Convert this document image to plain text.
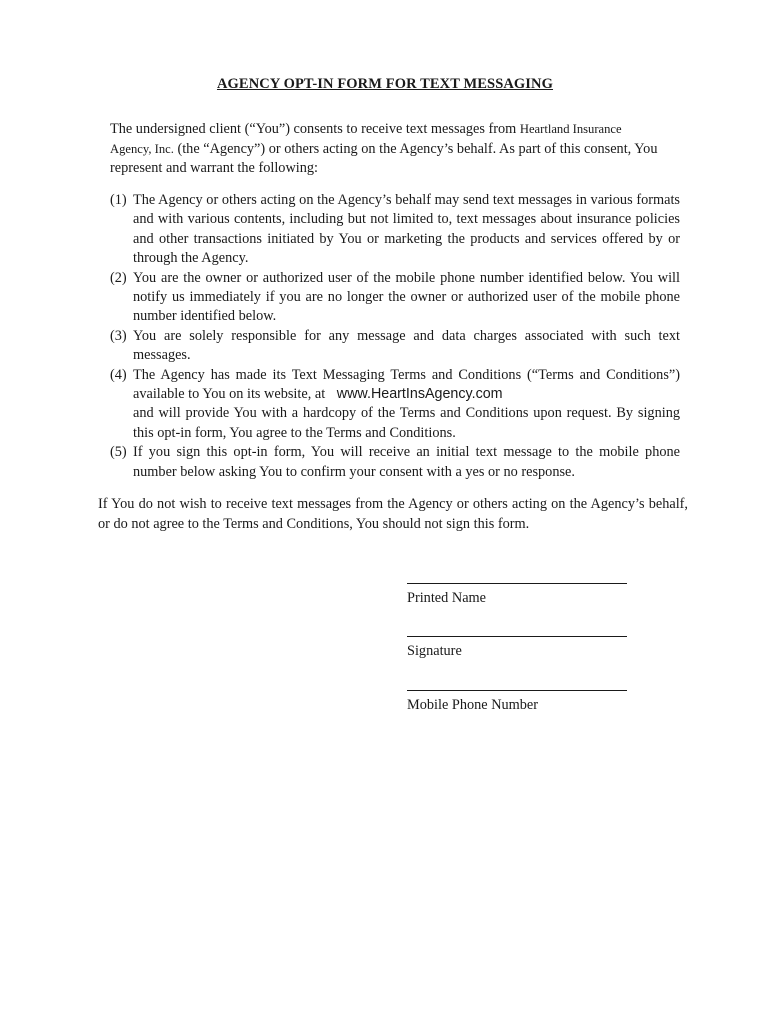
AGENCY OPT-IN FORM FOR TEXT MESSAGING
The undersigned client (“You”) consents to receive text messages from Heartland Insurance
Agency, Inc. (the “Agency”) or others acting on the Agency’s behalf. As part of this consent, You represent and warrant the following:
(1) The Agency or others acting on the Agency’s behalf may send text messages in various formats and with various contents, including but not limited to, text messages about insurance policies and other transactions initiated by You or marketing the products and services offered by or through the Agency.
(2) You are the owner or authorized user of the mobile phone number identified below. You will notify us immediately if you are no longer the owner or authorized user of the mobile phone number identified below.
(3) You are solely responsible for any message and data charges associated with such text messages.
(4) The Agency has made its Text Messaging Terms and Conditions (“Terms and Conditions”) available to You on its website, at www.HeartInsAgency.com
and will provide You with a hardcopy of the Terms and Conditions upon request. By signing this opt-in form, You agree to the Terms and Conditions.
(5) If you sign this opt-in form, You will receive an initial text message to the mobile phone number below asking You to confirm your consent with a yes or no response.
If You do not wish to receive text messages from the Agency or others acting on the Agency’s behalf, or do not agree to the Terms and Conditions, You should not sign this form.
Printed Name
Signature
Mobile Phone Number
